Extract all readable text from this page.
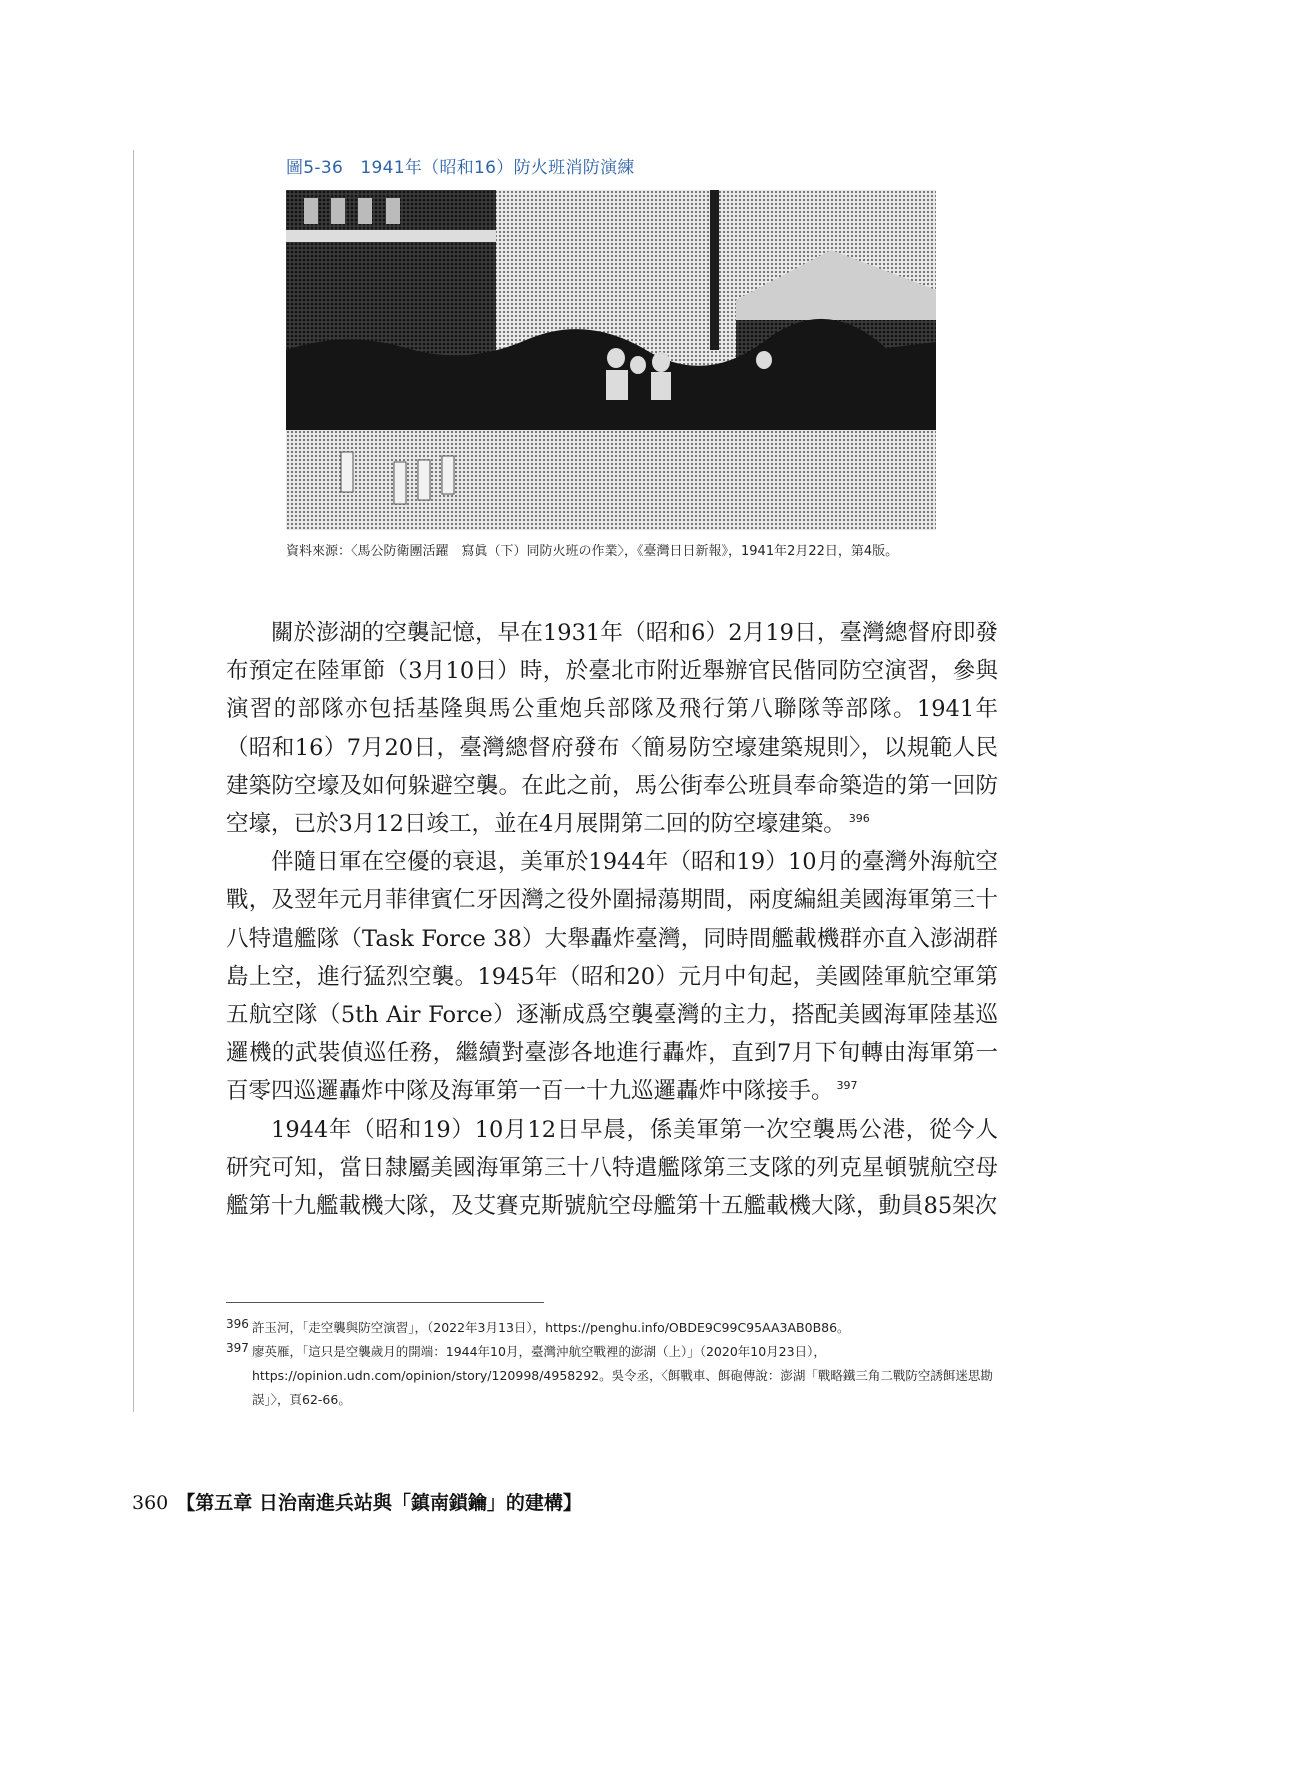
圖5-36　1941年（昭和16）防火班消防演練
資料來源：〈馬公防衛團活躍　寫眞（下）同防火班の作業〉，《臺灣日日新報》，1941年2月22日，第4版。

關於澎湖的空襲記憶，早在1931年（昭和6）2月19日，臺灣總督府即發布預定在陸軍節（3月10日）時，於臺北市附近舉辦官民偕同防空演習，參與演習的部隊亦包括基隆與馬公重炮兵部隊及飛行第八聯隊等部隊。1941年（昭和16）7月20日，臺灣總督府發布〈簡易防空壕建築規則〉，以規範人民建築防空壕及如何躲避空襲。在此之前，馬公街奉公班員奉命築造的第一回防空壕，已於3月12日竣工，並在4月展開第二回的防空壕建築。 $^{396}$

伴隨日軍在空優的衰退，美軍於1944年（昭和19）10月的臺灣外海航空戰，及翌年元月菲律賓仁牙因灣之役外圍掃蕩期間，兩度編組美國海軍第三十八特遣艦隊（Task Force 38）大舉轟炸臺灣，同時間艦載機群亦直入澎湖群島上空，進行猛烈空襲。1945年（昭和20）元月中旬起，美國陸軍航空軍第五航空隊（5th Air Force）逐漸成爲空襲臺灣的主力，搭配美國海軍陸基巡邏機的武裝偵巡任務，繼續對臺澎各地進行轟炸，直到7月下旬轉由海軍第一百零四巡邏轟炸中隊及海軍第一百一十九巡邏轟炸中隊接手。 $^{397}$

1944年（昭和19）10月12日早晨，係美軍第一次空襲馬公港，從今人研究可知，當日隸屬美國海軍第三十八特遣艦隊第三支隊的列克星頓號航空母艦第十九艦載機大隊，及艾賽克斯號航空母艦第十五艦載機大隊，動員85架次

396 許玉河，「走空襲與防空演習」，（2022年3月13日），https://penghu.info/OBDE9C99C95AA3AB0B86。
397 廖英雁，「這只是空襲歲月的開端：1944年10月，臺灣沖航空戰裡的澎湖（上）」（2020年10月23日），https://opinion.udn.com/opinion/story/120998/4958292。吳令丞，〈餌戰車、餌砲傳說：澎湖「戰略鐵三角二戰防空誘餌迷思勘誤」〉，頁62-66。
360 【第五章 日治南進兵站與「鎮南鎖鑰」的建構】
